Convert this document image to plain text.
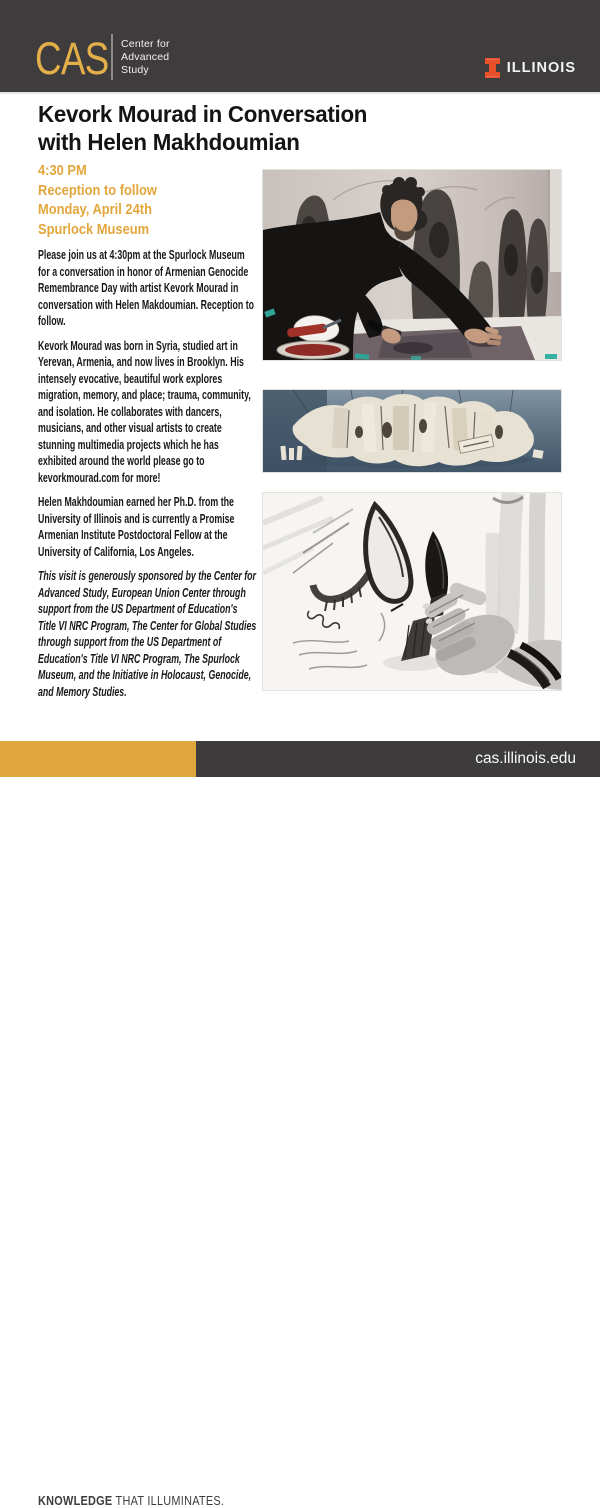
CAS Center for
Advanced
Study	ILLINOIS
Kevork Mourad in Conversation
with Helen Makhdoumian
4:30 PM
Reception to follow
Monday, April 24th
Spurlock Museum

Please join us at 4:30pm at the Spurlock Museum for a conversation in honor of Armenian Genocide Remembrance Day with artist Kevork Mourad in conversation with Helen Makdoumian. Reception to follow.

Kevork Mourad was born in Syria, studied art in Yerevan, Armenia, and now lives in Brooklyn. His intensely evocative, beautiful work explores migration, memory, and place; trauma, community, and isolation. He collaborates with dancers, musicians, and other visual artists to create stunning multimedia projects which he has exhibited around the world please go to kevorkmourad.com for more!

Helen Makhdoumian earned her Ph.D. from the University of Illinois and is currently a Promise Armenian Institute Postdoctoral Fellow at the University of California, Los Angeles.

This visit is generously sponsored by the Center for Advanced Study, European Union Center through support from the US Department of Education's Title VI NRC Program, The Center for Global Studies through support from the US Department of Education's Title VI NRC Program, The Spurlock Museum, and the Initiative in Holocaust, Genocide, and Memory Studies.

KNOWLEDGE THAT ILLUMINATES.
cas.illinois.edu
